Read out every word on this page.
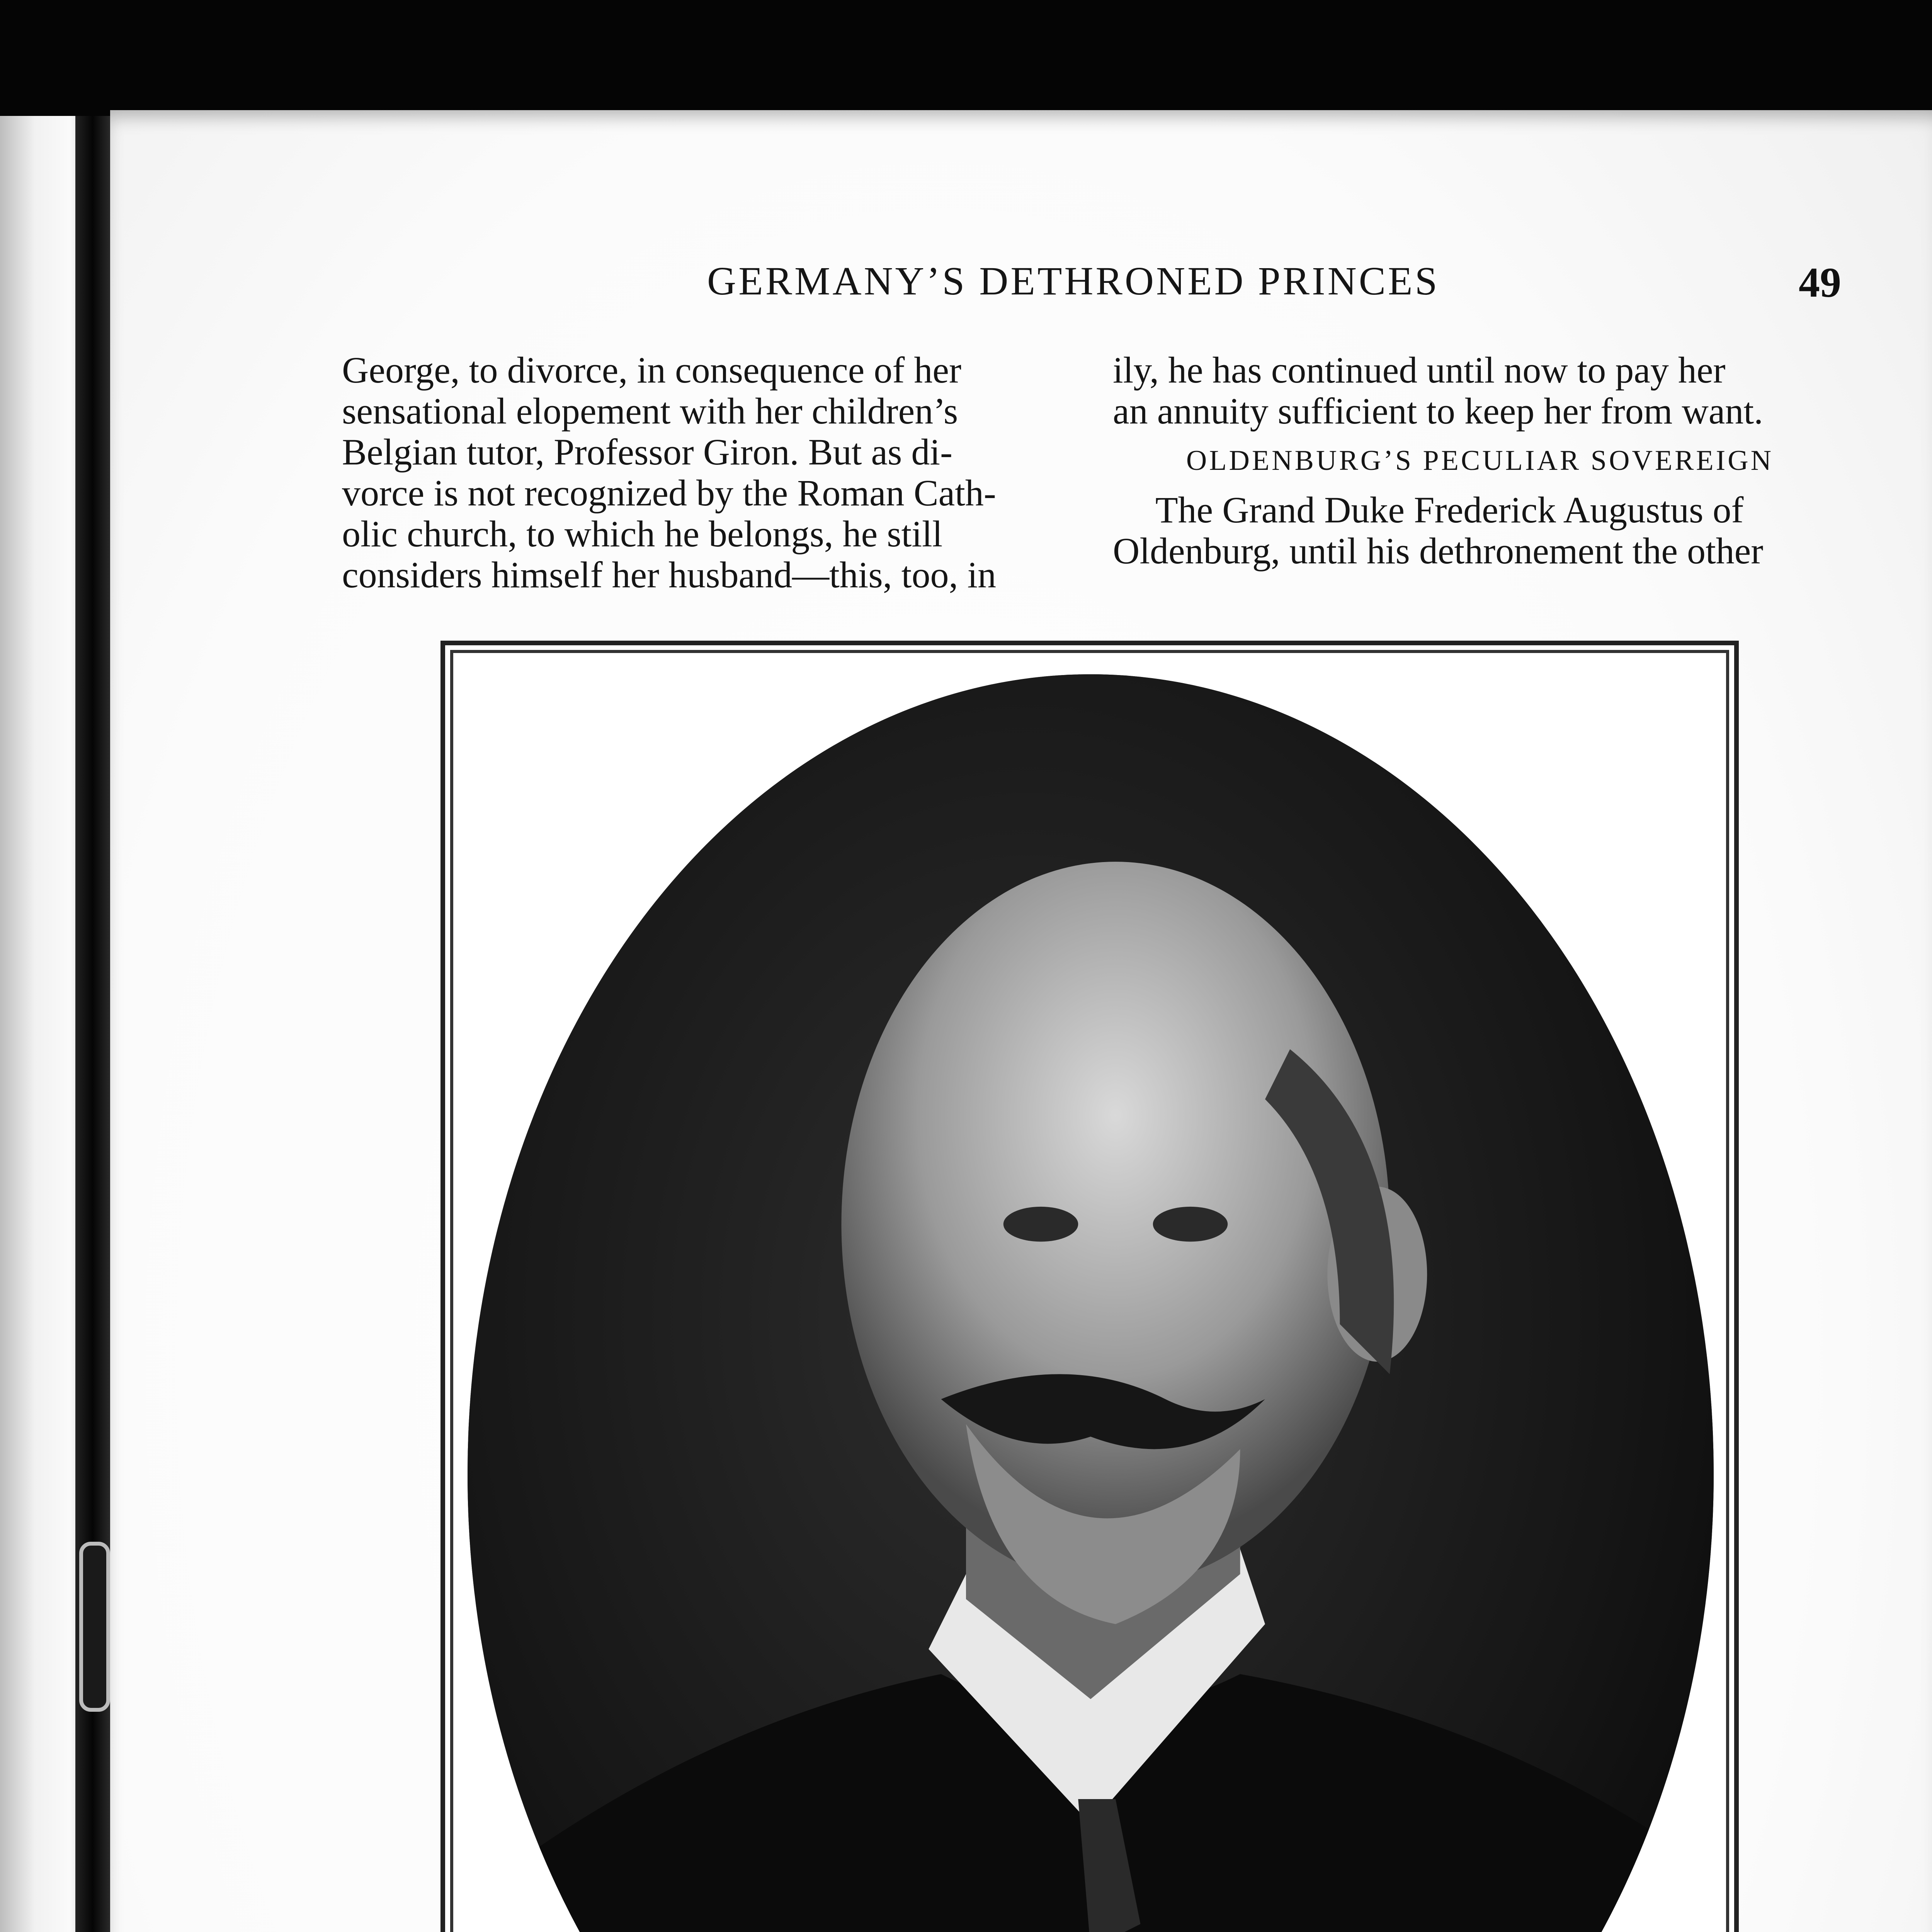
GERMANY’S DETHRONED PRINCES	49
George, to divorce, in consequence of her
sensational elopement with her children’s
Belgian tutor, Professor Giron. But as di-
vorce is not recognized by the Roman Cath-
olic church, to which he belongs, he still
considers himself her husband—this, too, in
ily, he has continued until now to pay her
an annuity sufficient to keep her from want.

OLDENBURG’S PECULIAR SOVEREIGN

The Grand Duke Frederick Augustus of
Oldenburg, until his dethronement the other
